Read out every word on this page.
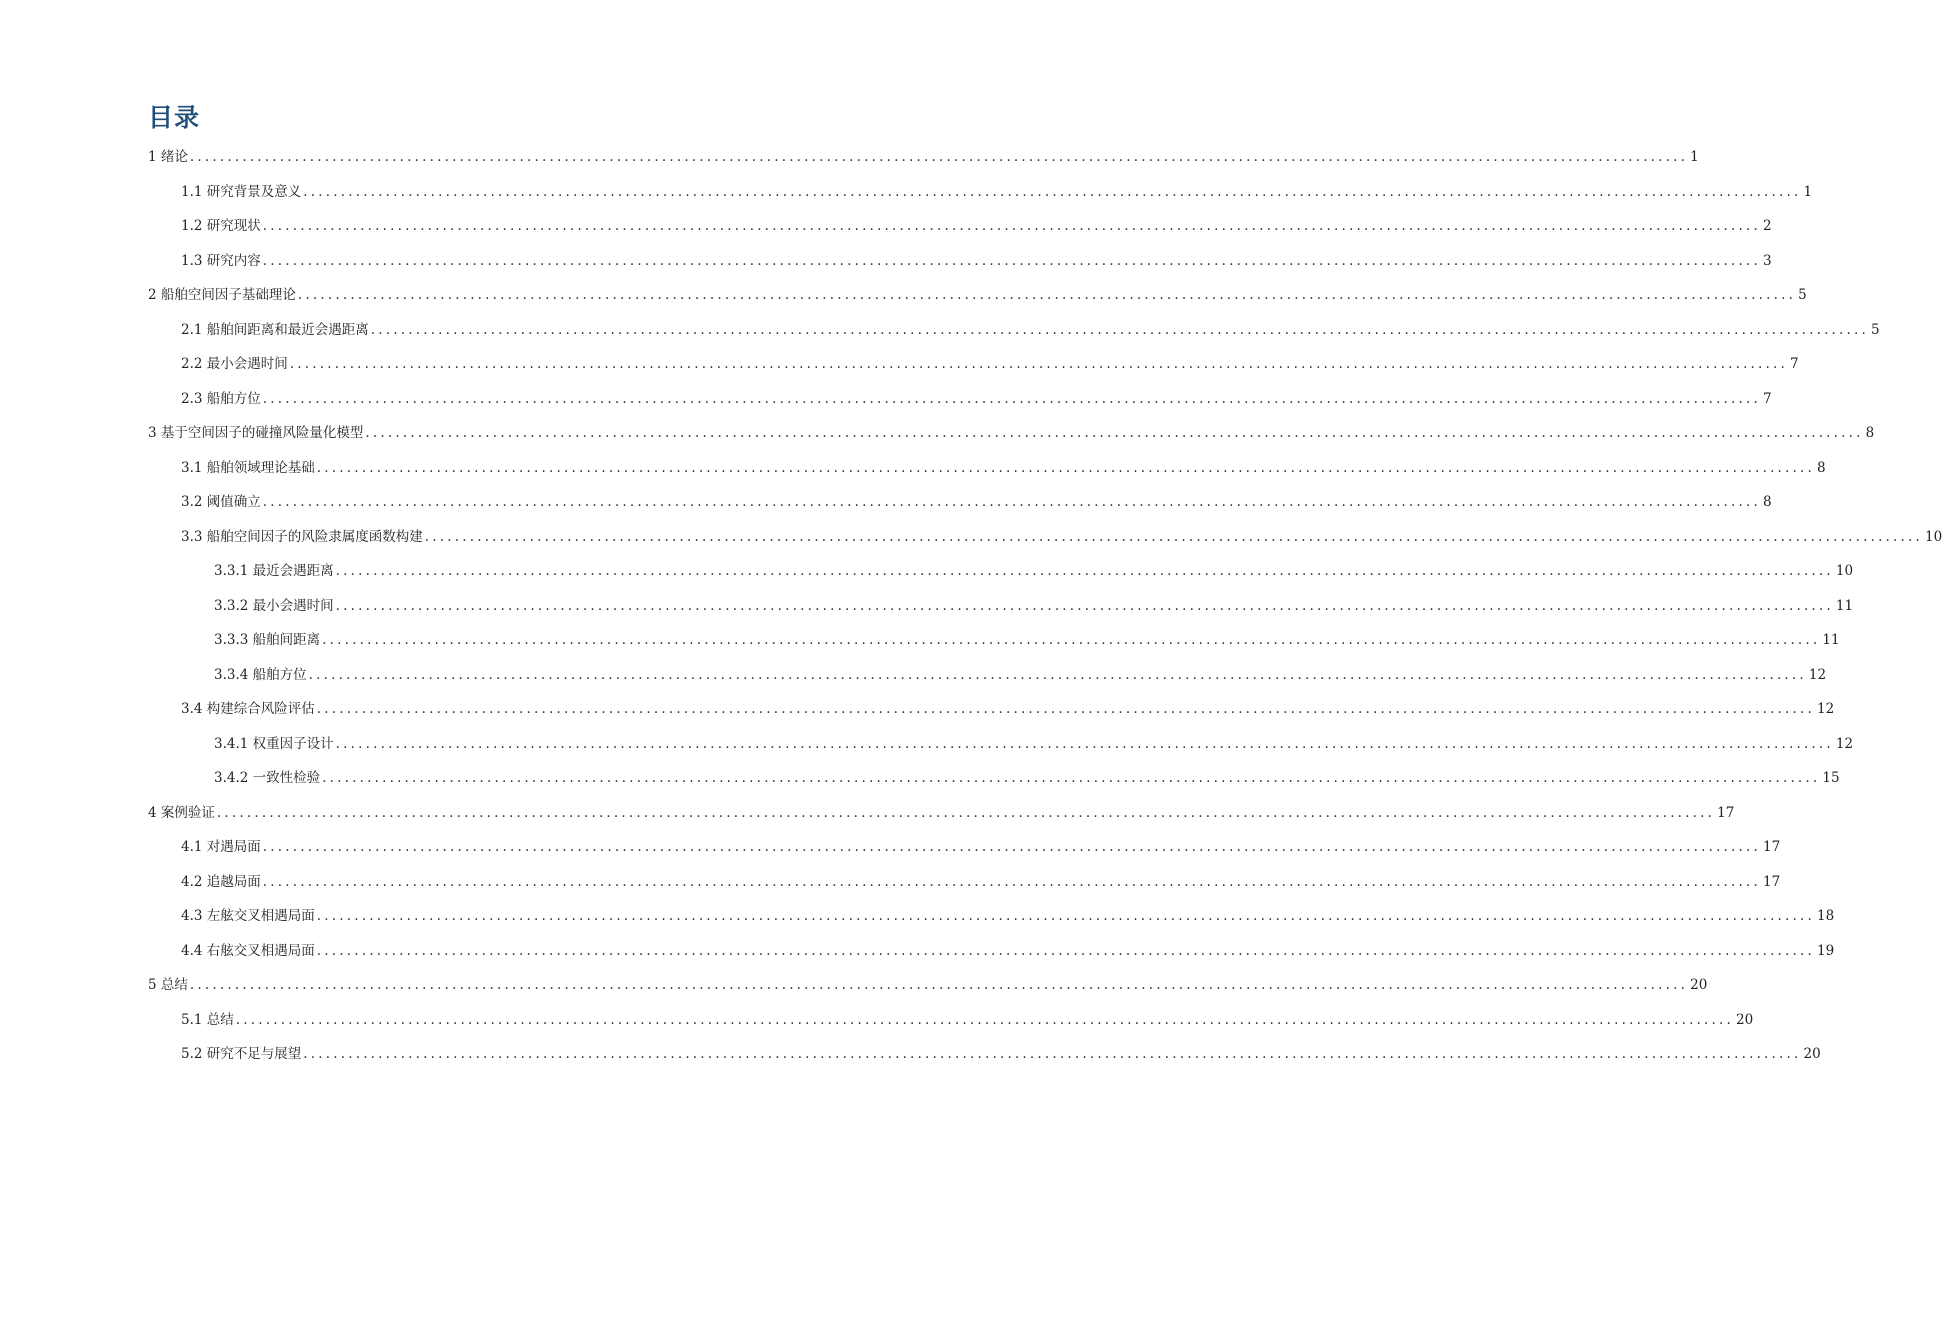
目录
1 绪论 ........................................................................................................................................................................................................ 1
1.1 研究背景及意义 ........................................................................................................................................................................................................ 1
1.2 研究现状 ........................................................................................................................................................................................................ 2
1.3 研究内容 ........................................................................................................................................................................................................ 3
2 船舶空间因子基础理论 ........................................................................................................................................................................................................ 5
2.1 船舶间距离和最近会遇距离 ........................................................................................................................................................................................................ 5
2.2 最小会遇时间 ........................................................................................................................................................................................................ 7
2.3 船舶方位 ........................................................................................................................................................................................................ 7
3 基于空间因子的碰撞风险量化模型 ........................................................................................................................................................................................................ 8
3.1 船舶领域理论基础 ........................................................................................................................................................................................................ 8
3.2 阈值确立 ........................................................................................................................................................................................................ 8
3.3 船舶空间因子的风险隶属度函数构建 ........................................................................................................................................................................................................ 10
3.3.1 最近会遇距离 ........................................................................................................................................................................................................ 10
3.3.2 最小会遇时间 ........................................................................................................................................................................................................ 11
3.3.3 船舶间距离 ........................................................................................................................................................................................................ 11
3.3.4 船舶方位 ........................................................................................................................................................................................................ 12
3.4 构建综合风险评估 ........................................................................................................................................................................................................ 12
3.4.1 权重因子设计 ........................................................................................................................................................................................................ 12
3.4.2 一致性检验 ........................................................................................................................................................................................................ 15
4 案例验证 ........................................................................................................................................................................................................ 17
4.1 对遇局面 ........................................................................................................................................................................................................ 17
4.2 追越局面 ........................................................................................................................................................................................................ 17
4.3 左舷交叉相遇局面 ........................................................................................................................................................................................................ 18
4.4 右舷交叉相遇局面 ........................................................................................................................................................................................................ 19
5 总结 ........................................................................................................................................................................................................ 20
5.1 总结 ........................................................................................................................................................................................................ 20
5.2 研究不足与展望 ........................................................................................................................................................................................................ 20
